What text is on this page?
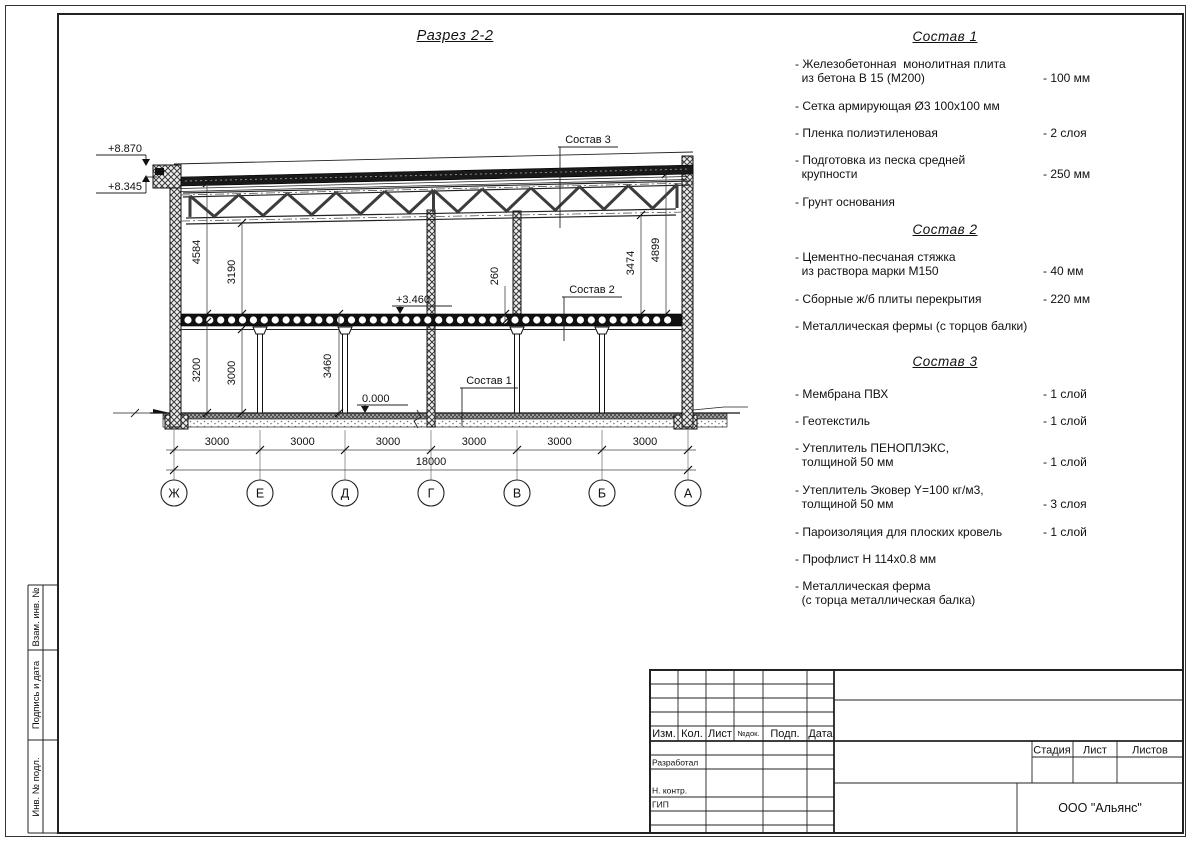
Разрез 2-2	Состав 1
- Железобетонная  монолитная плита
из бетона В 15 (М200)	- 100 мм
- Сетка армирующая Ø3 100х100 мм
- Пленка полиэтиленовая	- 2 слоя
- Подготовка из песка средней
крупности	- 250 мм
- Грунт основания
Состав 2
- Цементно-песчаная стяжка
из раствора марки М150	- 40 мм
- Сборные ж/б плиты перекрытия	- 220 мм
- Металлическая фермы (с торцов балки)
Состав 3
- Мембрана ПВХ	- 1 слой
- Геотекстиль	- 1 слой
- Утеплитель ПЕНОПЛЭКС,
толщиной 50 мм	- 1 слой
- Утеплитель Эковер Y=100 кг/м3,
толщиной 50 мм	- 3 слоя
- Пароизоляция для плоских кровель	- 1 слой
- Профлист Н 114х0.8 мм
- Металлическая ферма
(с торца металлическая балка)
Взам. инв. №
Подпись и дата
Инв. № подл.
+8.870
+8.345
+3.460
0.000
Состав 3
Состав 2
Состав 1
4584
3190
3200 3000	3460
260
3474
4899
3000	3000	3000	3000	3000	3000
18000
Ж	Е	Д	Г	В	Б	А
Изм. Кол. Лист №док. Подп. Дата
Разработал
Н. контр.
ГИП
Стадия Лист Листов
ООО "Альянс"
